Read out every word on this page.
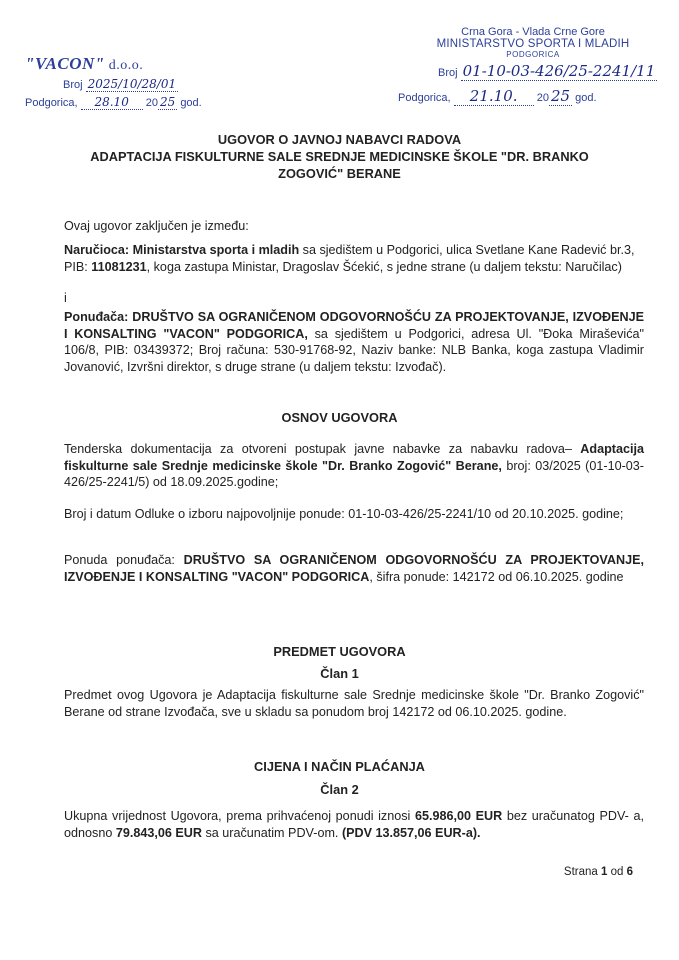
"VACON" d.o.o.
Broj 2025/10/28/01
Podgorica, 28.10 20 25 god.
Crna Gora - Vlada Crne Gore
MINISTARSTVO SPORTA I MLADIH
PODGORICA
Broj 01-10-03-426/25-2241/11
Podgorica, 21.10. 20 25 god.
UGOVOR O JAVNOJ NABAVCI RADOVA
ADAPTACIJA FISKULTURNE SALE SREDNJE MEDICINSKE ŠKOLE "DR. BRANKO
ZOGOVIĆ" BERANE
Ovaj ugovor zaključen je između:
Naručioca: Ministarstva sporta i mladih sa sjedištem u Podgorici, ulica Svetlane Kane Radević br.3, PIB: 11081231, koga zastupa Ministar, Dragoslav Šćekić, s jedne strane (u daljem tekstu: Naručilac)
i
Ponuđača: DRUŠTVO SA OGRANIČENOM ODGOVORNOŠĆU ZA PROJEKTOVANJE, IZVOĐENJE I KONSALTING "VACON" PODGORICA, sa sjedištem u Podgorici, adresa Ul. "Đoka Miraševića" 106/8, PIB: 03439372; Broj računa: 530-91768-92, Naziv banke: NLB Banka, koga zastupa Vladimir Jovanović, Izvršni direktor, s druge strane (u daljem tekstu: Izvođač).
OSNOV UGOVORA
Tenderska dokumentacija za otvoreni postupak javne nabavke za nabavku radova– Adaptacija fiskulturne sale Srednje medicinske škole "Dr. Branko Zogović" Berane, broj: 03/2025 (01-10-03-426/25-2241/5) od 18.09.2025.godine;
Broj i datum Odluke o izboru najpovoljnije ponude: 01-10-03-426/25-2241/10 od 20.10.2025. godine;
Ponuda ponuđača: DRUŠTVO SA OGRANIČENOM ODGOVORNOŠĆU ZA PROJEKTOVANJE, IZVOĐENJE I KONSALTING "VACON" PODGORICA, šifra ponude: 142172 od 06.10.2025. godine
PREDMET UGOVORA
Član 1
Predmet ovog Ugovora je Adaptacija fiskulturne sale Srednje medicinske škole "Dr. Branko Zogović" Berane od strane Izvođača, sve u skladu sa ponudom broj 142172 od 06.10.2025. godine.
CIJENA I NAČIN PLAĆANJA
Član 2
Ukupna vrijednost Ugovora, prema prihvaćenoj ponudi iznosi 65.986,00 EUR bez uračunatog PDV- a, odnosno 79.843,06 EUR sa uračunatim PDV-om. (PDV 13.857,06 EUR-a).
Strana 1 od 6
